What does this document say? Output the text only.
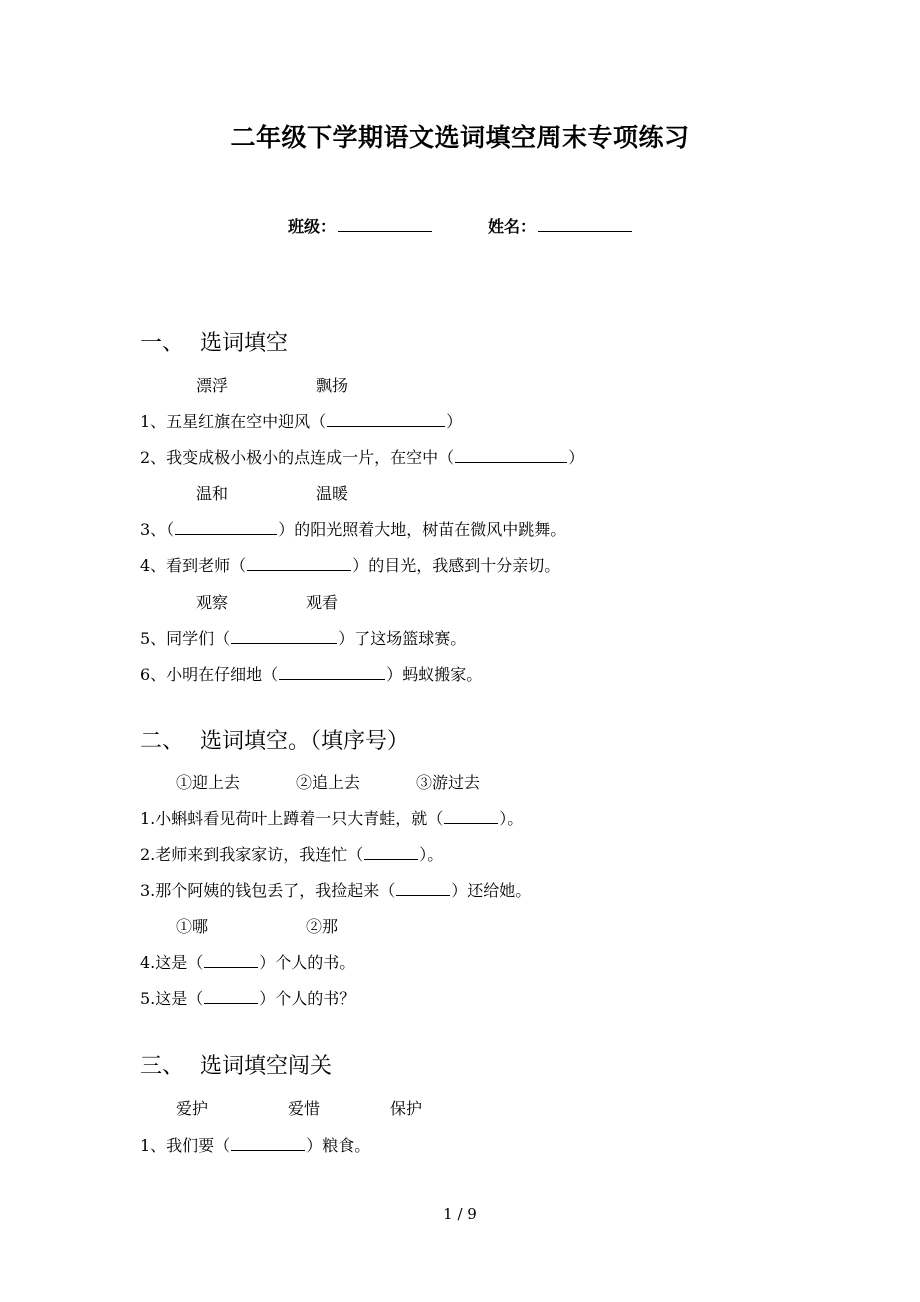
二年级下学期语文选词填空周末专项练习
班级：	姓名：
一、 选词填空
漂浮	飘扬
1、五星红旗在空中迎风（	）
2、我变成极小极小的点连成一片，在空中（	）
温和	温暖
3、（	）的阳光照着大地，树苗在微风中跳舞。
4、看到老师（	）的目光，我感到十分亲切。
观察	观看
5、同学们（	）了这场篮球赛。
6、小明在仔细地（	）蚂蚁搬家。
二、 选词填空。（填序号）
①迎上去	②追上去	③游过去
1.小蝌蚪看见荷叶上蹲着一只大青蛙，就（	）。
2.老师来到我家家访，我连忙（	）。
3.那个阿姨的钱包丢了，我捡起来（	）还给她。
①哪	②那
4.这是（	）个人的书。
5.这是（	）个人的书？
三、 选词填空闯关
爱护	爱惜	保护
1、我们要（	）粮食。
1 / 9
